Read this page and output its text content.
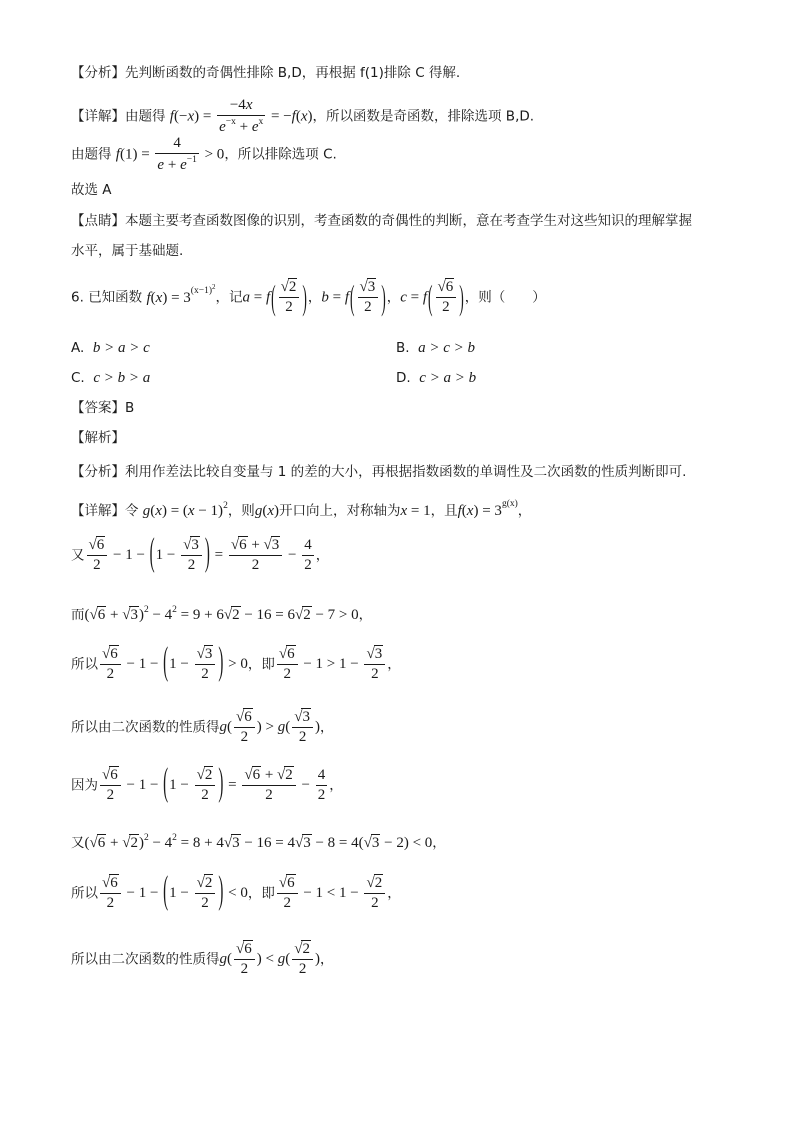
【分析】先判断函数的奇偶性排除 B,D，再根据 f(1)排除 C 得解.
【详解】由题得 $f(-x) = \frac{-4x}{e^{-x} + e^x} = -f(x)$，所以函数是奇函数，排除选项 B,D.
由题得 $f(1) = \frac{4}{e + e^{-1}} > 0$，所以排除选项 C.
故选 A
【点睛】本题主要考查函数图像的识别，考查函数的奇偶性的判断，意在考查学生对这些知识的理解掌握
水平，属于基础题.
6. 已知函数 $f(x) = 3^{(x-1)^2}$，记$a = f( \frac{√2}{2}$ )，$b = f( \frac{√3}{2}$ )，$c = f( \frac{√6}{2}$ )，则（　　）
A. b > a > c	B. a > c > b
C. c > b > a	D. c > a > b
【答案】B
【解析】
【分析】利用作差法比较自变量与 1 的差的大小，再根据指数函数的单调性及二次函数的性质判断即可.
【详解】令 $g(x) = (x - 1)^2$，则g(x)开口向上，对称轴为x = 1，且$f(x) = 3^{g(x)}$，
又 $\frac{√6}{2} - 1 - (1 - \frac{√3}{2}$ ) = $\frac{√6 + √3}{2} - \frac{4}{2}$ ，
而$(√6 + √3)^2 - 4^2 = 9 + 6√2 - 16 = 6√2 - 7 > 0$，
所以 $\frac{√6}{2} - 1 - (1 - \frac{√3}{2}$ ) > 0，即 $\frac{√6}{2} - 1 > 1 - \frac{√3}{2}$ ，
所以由二次函数的性质得$g( \frac{√6}{2}$ ) > $g( \frac{√3}{2}$ )，
因为 $\frac{√6}{2} - 1 - (1 - \frac{√2}{2}$ ) = $\frac{√6 + √2}{2} - \frac{4}{2}$ ，
又$(√6 + √2)^2 - 4^2 = 8 + 4√3 - 16 = 4√3 - 8 = 4(√3 - 2) < 0$，
所以 $\frac{√6}{2} - 1 - (1 - \frac{√2}{2}$ ) < 0，即 $\frac{√6}{2} - 1 < 1 - \frac{√2}{2}$ ，
所以由二次函数的性质得$g( \frac{√6}{2}$ ) < $g( \frac{√2}{2}$ )，
